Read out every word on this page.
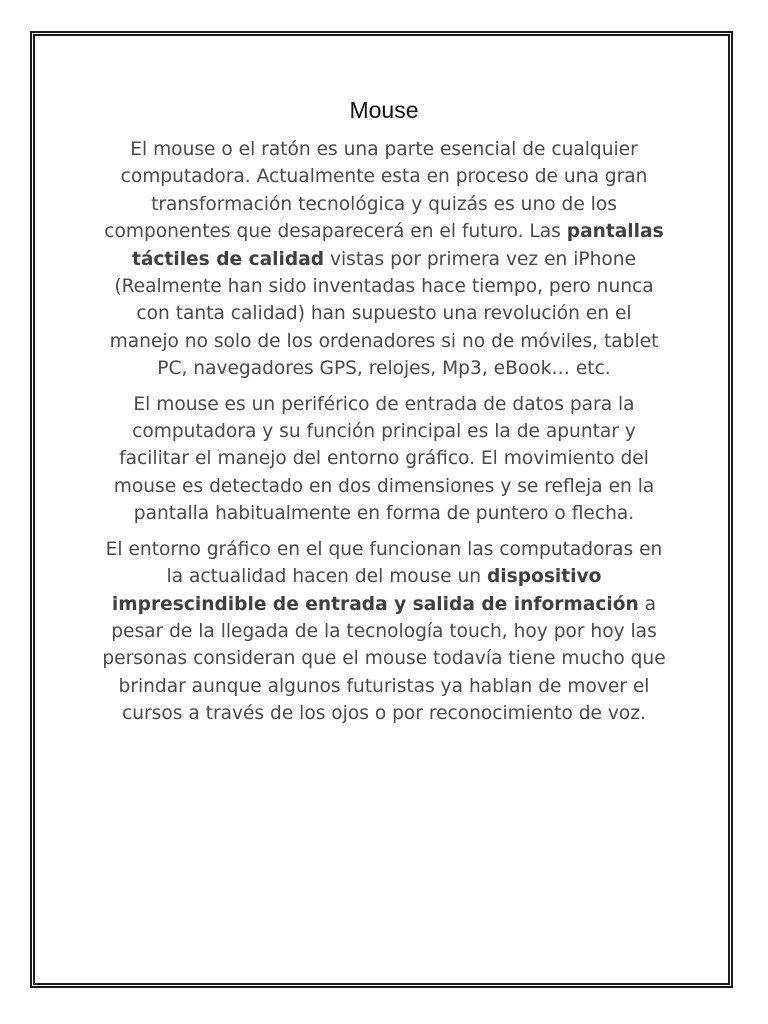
Mouse

El mouse o el ratón es una parte esencial de cualquier computadora. Actualmente esta en proceso de una gran transformación tecnológica y quizás es uno de los componentes que desaparecerá en el futuro. Las pantallas táctiles de calidad vistas por primera vez en iPhone (Realmente han sido inventadas hace tiempo, pero nunca con tanta calidad) han supuesto una revolución en el manejo no solo de los ordenadores si no de móviles, tablet PC, navegadores GPS, relojes, Mp3, eBook… etc.

El mouse es un periférico de entrada de datos para la computadora y su función principal es la de apuntar y facilitar el manejo del entorno gráfico. El movimiento del mouse es detectado en dos dimensiones y se refleja en la pantalla habitualmente en forma de puntero o flecha.

El entorno gráfico en el que funcionan las computadoras en la actualidad hacen del mouse un dispositivo imprescindible de entrada y salida de información a pesar de la llegada de la tecnología touch, hoy por hoy las personas consideran que el mouse todavía tiene mucho que brindar aunque algunos futuristas ya hablan de mover el cursos a través de los ojos o por reconocimiento de voz.
